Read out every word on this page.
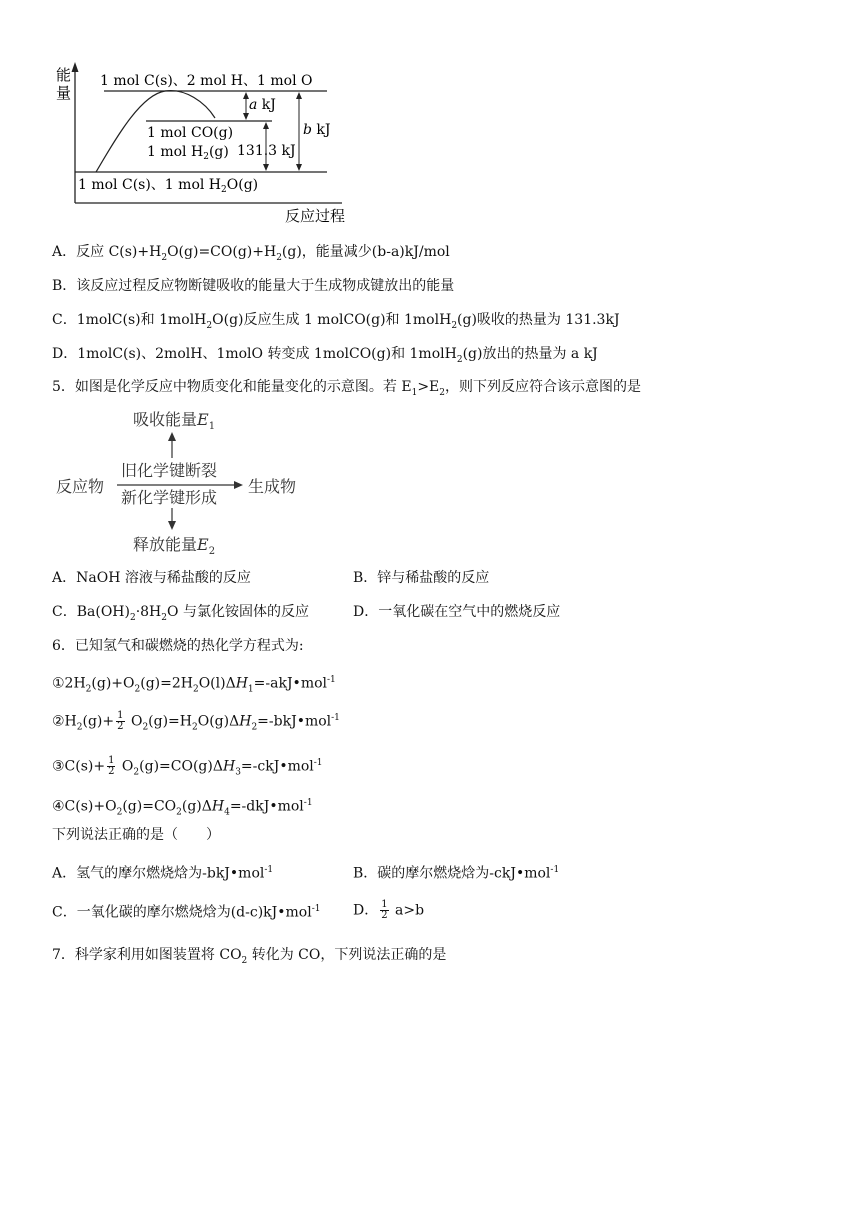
能
量
反应过程
1 mol C(s)、2 mol H、1 mol O
1 mol CO(g)
1 mol $H_2(g)$
1 mol C(s)、1 mol $H_2O(g)$
a kJ
131.3 kJ
b kJ
A．反应 $C(s)+H_2O(g)=CO(g)+H_2(g)$，能量减少(b-a)kJ/mol
B．该反应过程反应物断键吸收的能量大于生成物成键放出的能量
C．1molC(s)和 1molH$_2$O(g)反应生成 1 molCO(g)和 1molH$_2$(g)吸收的热量为 131.3kJ
D．1molC(s)、2molH、1molO 转变成 1molCO(g)和 1molH$_2$(g)放出的热量为 a kJ
5．如图是化学反应中物质变化和能量变化的示意图。若 $E_1>E_2$，则下列反应符合该示意图的是
吸收能量$E_1$
反应物
旧化学键断裂
新化学键形成
生成物
释放能量$E_2$
A．NaOH 溶液与稀盐酸的反应	B．锌与稀盐酸的反应
C．$Ba(OH)_2\cdot 8H_2O$ 与氯化铵固体的反应	D．一氧化碳在空气中的燃烧反应
6．已知氢气和碳燃烧的热化学方程式为:
$①2H_2(g)+O_2(g)=2H_2O(l)\Delta H_1=-akJ•mol^{-1}$
$②H_2(g)+ \frac{1}{2}$ $O_2(g)=H_2O(g)\Delta H_2=-bkJ•mol^{-1}$
③C(s)+ $\frac{1}{2}$ $O_2(g)=CO(g)\Delta H_3=-ckJ•mol^{-1}$
$④C(s)+O_2(g)=CO_2(g)\Delta H_4=-dkJ•mol^{-1}$
下列说法正确的是（　　）
A．氢气的摩尔燃烧焓为-bkJ•mol$^{-1}$	B．碳的摩尔燃烧焓为-ckJ•mol$^{-1}$
C．一氧化碳的摩尔燃烧焓为(d-c)kJ•mol$^{-1}$ D． $\frac{1}{2} a>b$
7．科学家利用如图装置将 $CO_2$ 转化为 CO，下列说法正确的是
